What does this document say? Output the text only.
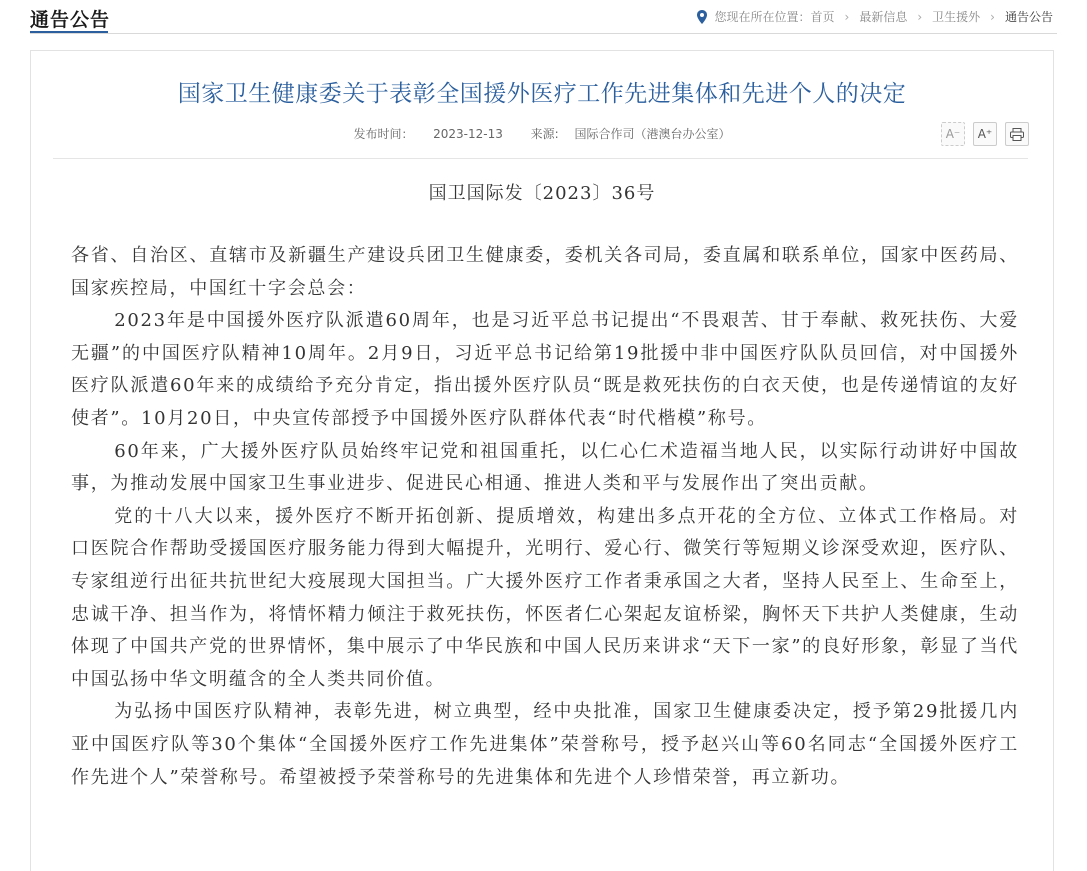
通告公告	您现在所在位置： 首页 › 最新信息 › 卫生援外 › 通告公告
国家卫生健康委关于表彰全国援外医疗工作先进集体和先进个人的决定
发布时间： 2023-12-13 来源: 国际合作司（港澳台办公室）	A⁻	A⁺
国卫国际发〔2023〕36号

各省、自治区、直辖市及新疆生产建设兵团卫生健康委，委机关各司局，委直属和联系单位，国家中医药局、国家疾控局，中国红十字会总会：

2023年是中国援外医疗队派遣60周年，也是习近平总书记提出“不畏艰苦、甘于奉献、救死扶伤、大爱无疆”的中国医疗队精神10周年。2月9日，习近平总书记给第19批援中非中国医疗队队员回信，对中国援外医疗队派遣60年来的成绩给予充分肯定，指出援外医疗队员“既是救死扶伤的白衣天使，也是传递情谊的友好使者”。10月20日，中央宣传部授予中国援外医疗队群体代表“时代楷模”称号。

60年来，广大援外医疗队员始终牢记党和祖国重托，以仁心仁术造福当地人民，以实际行动讲好中国故事，为推动发展中国家卫生事业进步、促进民心相通、推进人类和平与发展作出了突出贡献。

党的十八大以来，援外医疗不断开拓创新、提质增效，构建出多点开花的全方位、立体式工作格局。对口医院合作帮助受援国医疗服务能力得到大幅提升，光明行、爱心行、微笑行等短期义诊深受欢迎，医疗队、专家组逆行出征共抗世纪大疫展现大国担当。广大援外医疗工作者秉承国之大者，坚持人民至上、生命至上，忠诚干净、担当作为，将情怀精力倾注于救死扶伤，怀医者仁心架起友谊桥梁，胸怀天下共护人类健康，生动体现了中国共产党的世界情怀，集中展示了中华民族和中国人民历来讲求“天下一家”的良好形象，彰显了当代中国弘扬中华文明蕴含的全人类共同价值。

为弘扬中国医疗队精神，表彰先进，树立典型，经中央批准，国家卫生健康委决定，授予第29批援几内亚中国医疗队等30个集体“全国援外医疗工作先进集体”荣誉称号，授予赵兴山等60名同志“全国援外医疗工作先进个人”荣誉称号。希望被授予荣誉称号的先进集体和先进个人珍惜荣誉，再立新功。
